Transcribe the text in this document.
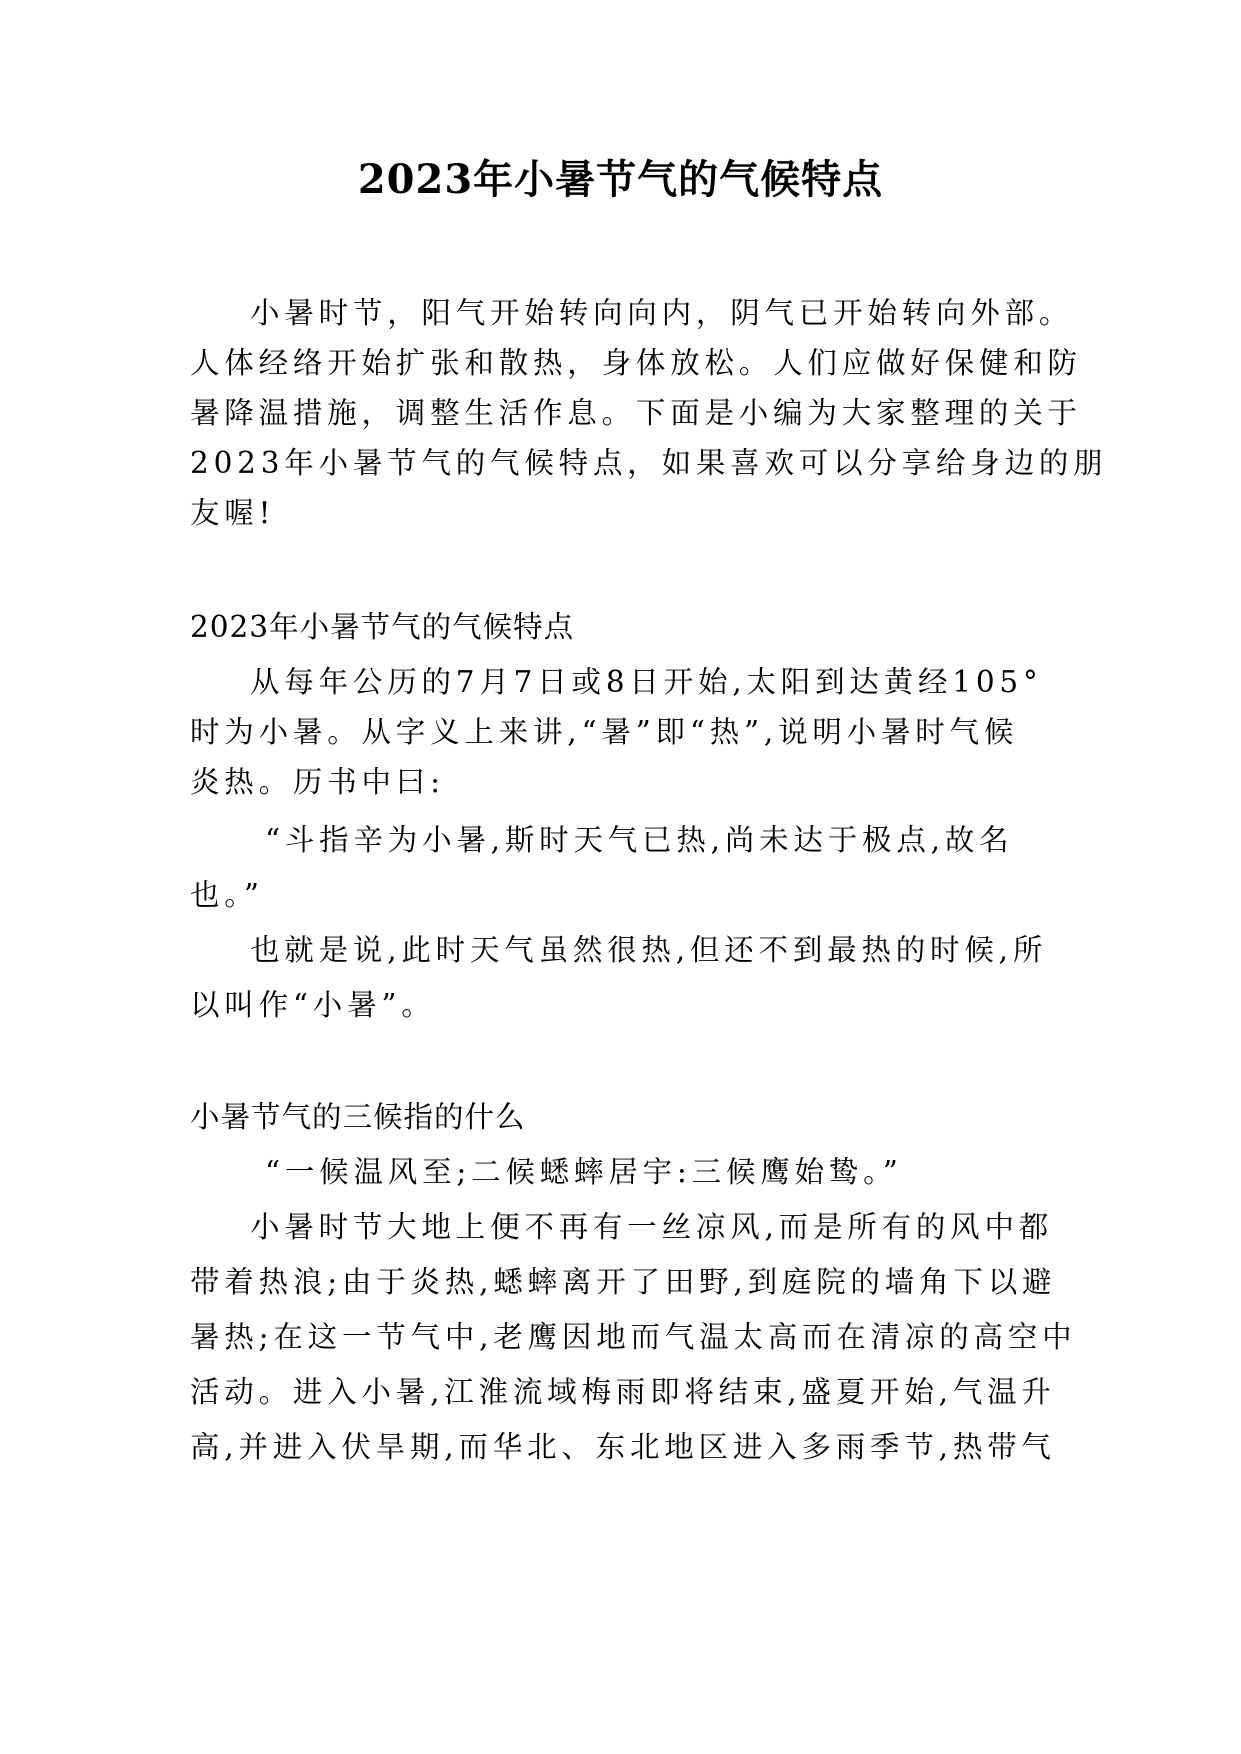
2023年小暑节气的气候特点
小暑时节，阳气开始转向向内，阴气已开始转向外部。
人体经络开始扩张和散热，身体放松。人们应做好保健和防
暑降温措施，调整生活作息。下面是小编为大家整理的关于
2023年小暑节气的气候特点，如果喜欢可以分享给身边的朋
友喔!
2023年小暑节气的气候特点
从每年公历的7月7日或8日开始,太阳到达黄经105°
时为小暑。从字义上来讲,“暑”即“热”,说明小暑时气候
炎热。历书中曰:
“斗指辛为小暑,斯时天气已热,尚未达于极点,故名
也。”
也就是说,此时天气虽然很热,但还不到最热的时候,所
以叫作“小暑”。
小暑节气的三候指的什么
“一候温风至;二候蟋蟀居宇:三候鹰始鸷。”
小暑时节大地上便不再有一丝凉风,而是所有的风中都
带着热浪;由于炎热,蟋蟀离开了田野,到庭院的墙角下以避
暑热;在这一节气中,老鹰因地而气温太高而在清凉的高空中
活动。进入小暑,江淮流域梅雨即将结束,盛夏开始,气温升
高,并进入伏旱期,而华北、东北地区进入多雨季节,热带气
